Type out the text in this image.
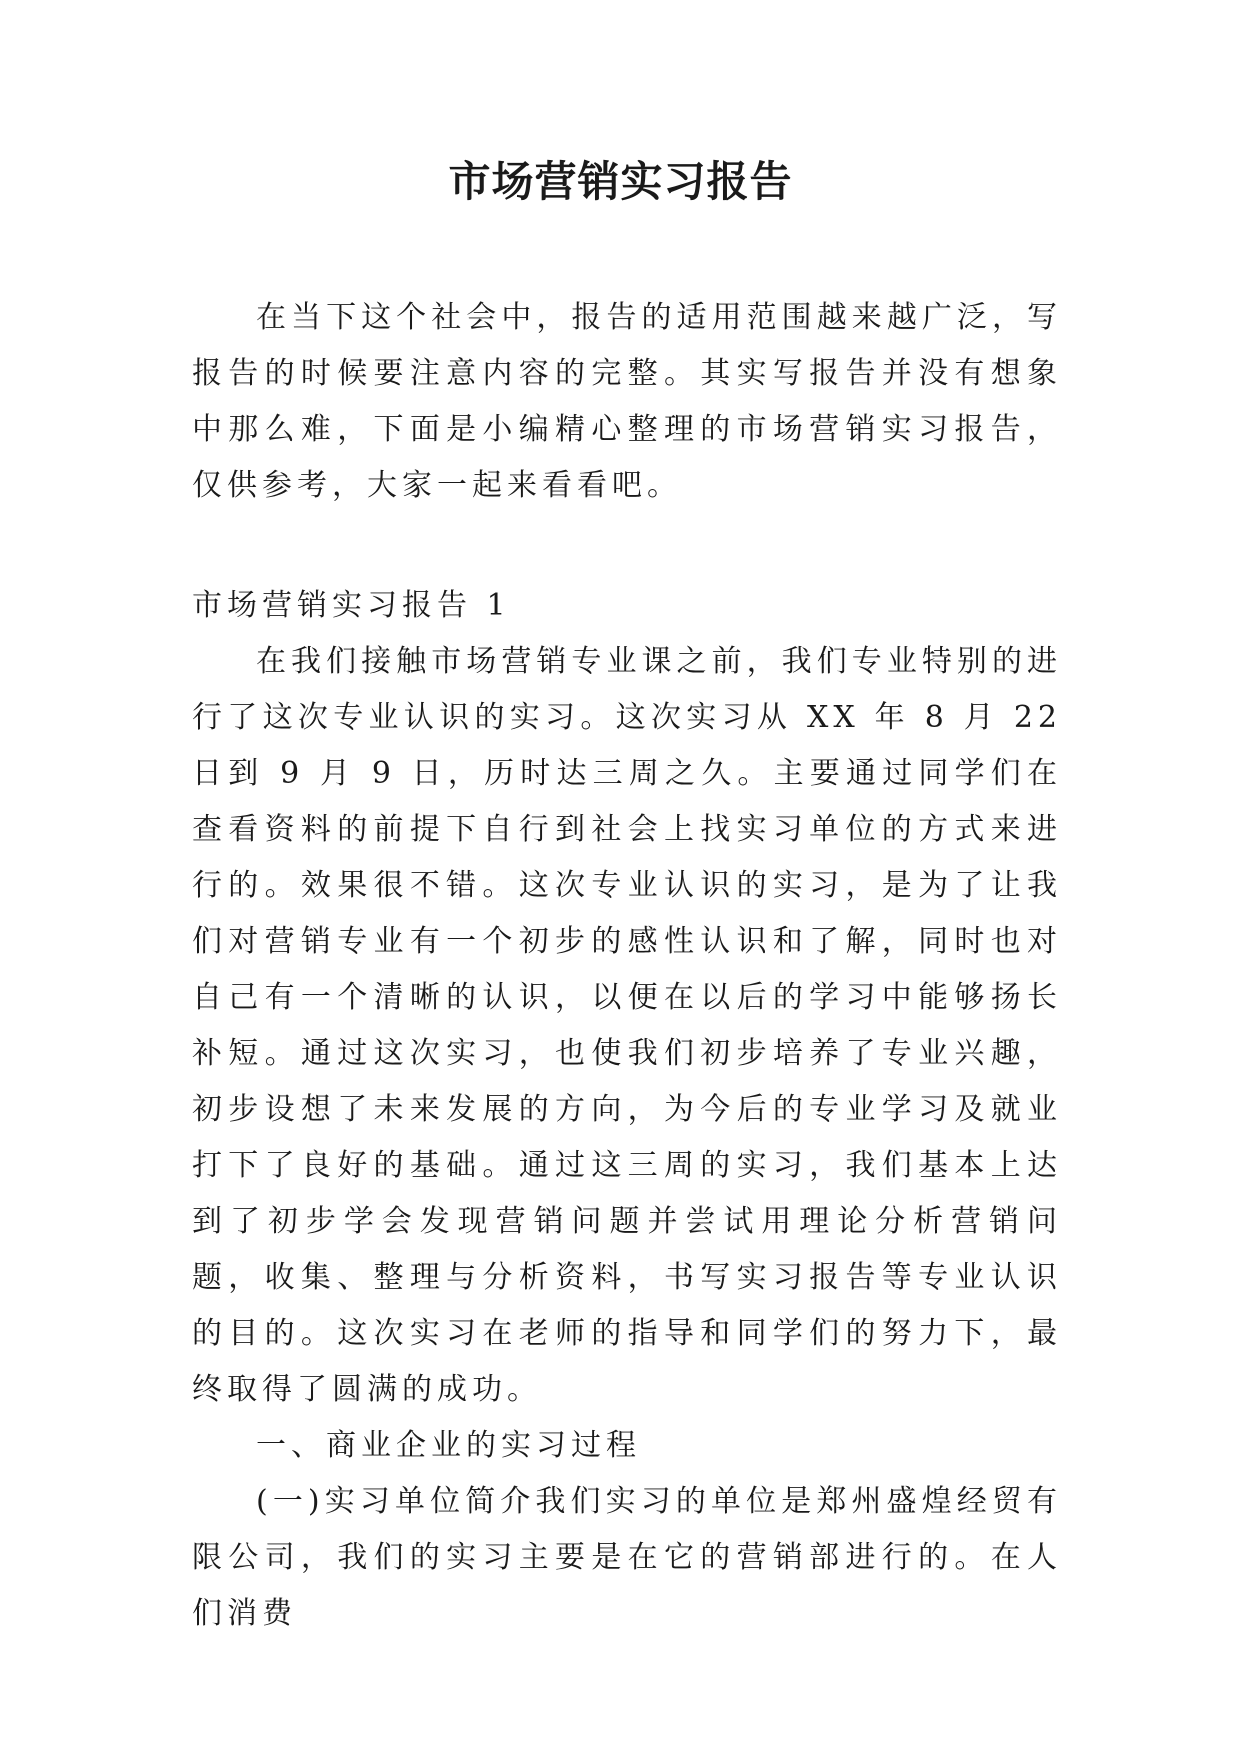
市场营销实习报告

在当下这个社会中，报告的适用范围越来越广泛，写报告的时候要注意内容的完整。其实写报告并没有想象中那么难，下面是小编精心整理的市场营销实习报告，仅供参考，大家一起来看看吧。

市场营销实习报告 1

在我们接触市场营销专业课之前，我们专业特别的进行了这次专业认识的实习。这次实习从 XX 年 8 月 22 日到 9 月 9 日，历时达三周之久。主要通过同学们在查看资料的前提下自行到社会上找实习单位的方式来进行的。效果很不错。这次专业认识的实习，是为了让我们对营销专业有一个初步的感性认识和了解，同时也对自己有一个清晰的认识，以便在以后的学习中能够扬长补短。通过这次实习，也使我们初步培养了专业兴趣，初步设想了未来发展的方向，为今后的专业学习及就业打下了良好的基础。通过这三周的实习，我们基本上达到了初步学会发现营销问题并尝试用理论分析营销问题，收集、整理与分析资料，书写实习报告等专业认识的目的。这次实习在老师的指导和同学们的努力下，最终取得了圆满的成功。

一、商业企业的实习过程

(一)实习单位简介我们实习的单位是郑州盛煌经贸有限公司，我们的实习主要是在它的营销部进行的。在人们消费
